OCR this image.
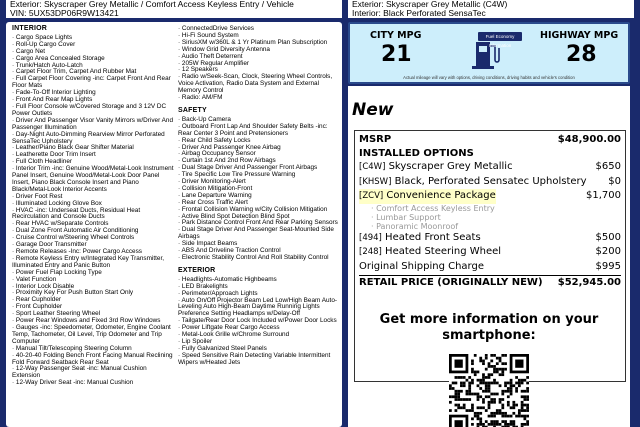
Exterior: Skyscraper Grey Metallic / Comfort Access Keyless Entry / Vehicle
VIN: 5UX53DP06R9W13421
Exterior: Skyscraper Grey Metallic (C4W)
Interior: Black Perforated SensaTec
INTERIOR
· Cargo Space Lights
· Roll-Up Cargo Cover
· Cargo Net
· Cargo Area Concealed Storage
· Trunk/Hatch Auto-Latch
· Carpet Floor Trim, Carpet And Rubber Mat
· Full Carpet Floor Covering -inc: Carpet Front And Rear Floor Mats
· Fade-To-Off Interior Lighting
· Front And Rear Map Lights
· Full Floor Console w/Covered Storage and 3 12V DC Power Outlets
· Driver And Passenger Visor Vanity Mirrors w/Driver And Passenger Illumination
· Day-Night Auto-Dimming Rearview Mirror Perforated SensaTec Upholstery
· Leather/Piano Black Gear Shifter Material
· Leatherette Door Trim Insert
· Full Cloth Headliner
· Interior Trim -inc: Genuine Wood/Metal-Look Instrument Panel Insert, Genuine Wood/Metal-Look Door Panel Insert, Piano Black Console Insert and Piano Black/Metal-Look Interior Accents
· Driver Foot Rest
· Illuminated Locking Glove Box
· HVAC -inc: Underseat Ducts, Residual Heat Recirculation and Console Ducts
· Rear HVAC w/Separate Controls
· Dual Zone Front Automatic Air Conditioning
· Cruise Control w/Steering Wheel Controls
· Garage Door Transmitter
· Remote Releases -Inc: Power Cargo Access
· Remote Keyless Entry w/Integrated Key Transmitter, Illuminated Entry and Panic Button
· Power Fuel Flap Locking Type
· Valet Function
· Interior Lock Disable
· Proximity Key For Push Button Start Only
· Rear Cupholder
· Front Cupholder
· Sport Leather Steering Wheel
· Power Rear Windows and Fixed 3rd Row Windows
· Gauges -inc: Speedometer, Odometer, Engine Coolant Temp, Tachometer, Oil Level, Trip Odometer and Trip Computer
· Manual Tilt/Telescoping Steering Column
· 40-20-40 Folding Bench Front Facing Manual Reclining Fold Forward Seatback Rear Seat
· 12-Way Passenger Seat -inc: Manual Cushion Extension
· 12-Way Driver Seat -inc: Manual Cushion
· ConnectedDrive Services
· Hi-Fi Sound System
· SiriusXM w/360L & 1 Yr Platinum Plan Subscription
· Window Grid Diversity Antenna
· Audio Theft Deterrent
· 205W Regular Amplifier
· 12 Speakers
· Radio w/Seek-Scan, Clock, Steering Wheel Controls, Voice Activation, Radio Data System and External Memory Control
· Radio: AM/FM
SAFETY
· Back-Up Camera
· Outboard Front Lap And Shoulder Safety Belts -inc: Rear Center 3 Point and Pretensioners
· Rear Child Safety Locks
· Driver And Passenger Knee Airbag
· Airbag Occupancy Sensor
· Curtain 1st And 2nd Row Airbags
· Dual Stage Driver And Passenger Front Airbags
· Tire Specific Low Tire Pressure Warning
· Driver Monitoring-Alert
· Collision Mitigation-Front
· Lane Departure Warning
· Rear Cross Traffic Alert
· Frontal Collision Warning w/City Collision Mitigation
· Active Blind Spot Detection Blind Spot
· Park Distance Control Front And Rear Parking Sensors
· Dual Stage Driver And Passenger Seat-Mounted Side Airbags
· Side Impact Beams
· ABS And Driveline Traction Control
· Electronic Stability Control And Roll Stability Control
EXTERIOR
· Headlights-Automatic Highbeams
· LED Brakelights
· Perimeter/Approach Lights
· Auto On/Off Projector Beam Led Low/High Beam Auto-Leveling Auto High-Beam Daytime Running Lights Preference Setting Headlamps w/Delay-Off
· Tailgate/Rear Door Lock Included w/Power Door Locks
· Power Liftgate Rear Cargo Access
· Metal-Look Grille w/Chrome Surround
· Lip Spoiler
· Fully Galvanized Steel Panels
· Speed Sensitive Rain Detecting Variable Intermittent Wipers w/Heated Jets
CITY MPG
21
Fuel Economy Information
HIGHWAY MPG
28
Actual mileage will vary with options, driving conditions, driving habits and vehicle's condition
New
MSRP	$48,900.00
INSTALLED OPTIONS
[C4W] Skyscraper Grey Metallic	$650
[KHSW] Black, Perforated Sensatec Upholstery $0
[ZCV] Convenience Package	$1,700
· Comfort Access Keyless Entry
· Lumbar Support
· Panoramic Moonroof
[494] Heated Front Seats	$500
[248] Heated Steering Wheel	$200
Original Shipping Charge	$995
RETAIL PRICE (ORIGINALLY NEW) $52,945.00
Get more information on your smartphone:
